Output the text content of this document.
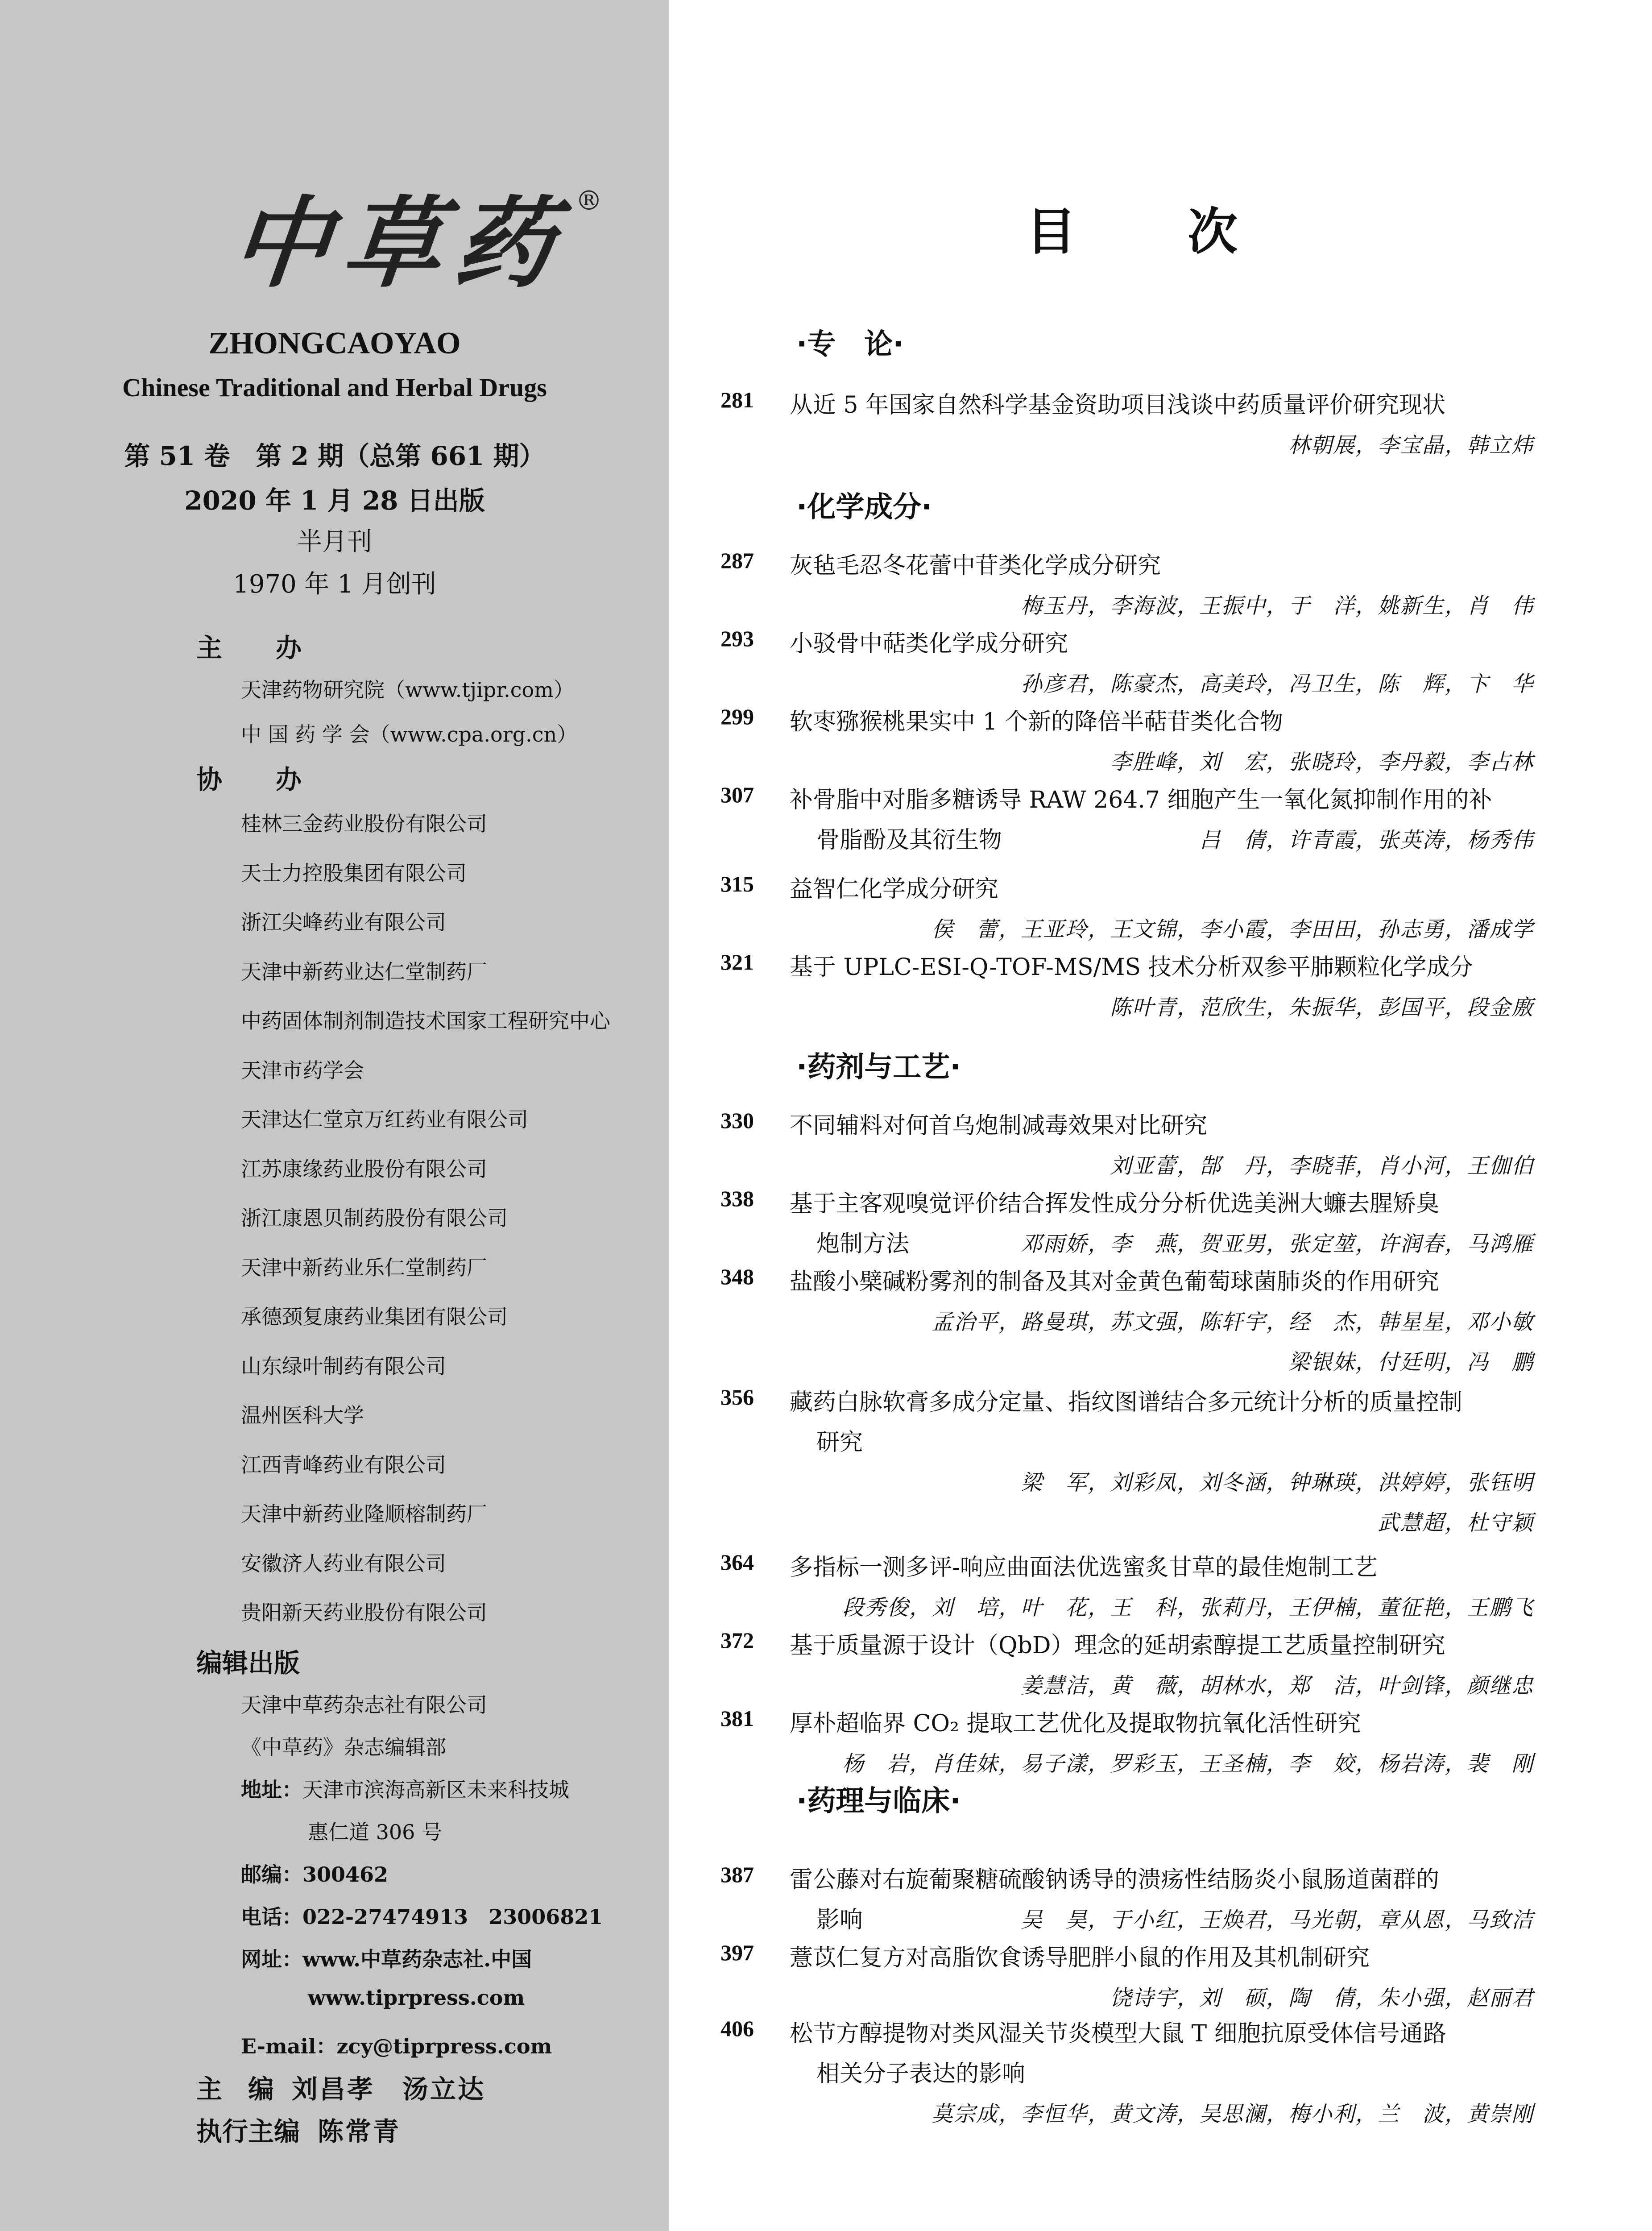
中草药 ®
ZHONGCAOYAO
Chinese Traditional and Herbal Drugs
第 51 卷　第 2 期（总第 661 期）
2020 年 1 月 28 日出版
半月刊
1970 年 1 月创刊
主办
天津药物研究院（www.tjipr.com）
中 国 药 学 会（www.cpa.org.cn）
协办
桂林三金药业股份有限公司
天士力控股集团有限公司
浙江尖峰药业有限公司
天津中新药业达仁堂制药厂
中药固体制剂制造技术国家工程研究中心
天津市药学会
天津达仁堂京万红药业有限公司
江苏康缘药业股份有限公司
浙江康恩贝制药股份有限公司
天津中新药业乐仁堂制药厂
承德颈复康药业集团有限公司
山东绿叶制药有限公司
温州医科大学
江西青峰药业有限公司
天津中新药业隆顺榕制药厂
安徽济人药业有限公司
贵阳新天药业股份有限公司
编辑出版
天津中草药杂志社有限公司
《中草药》杂志编辑部
地址：天津市滨海高新区未来科技城
惠仁道 306 号
邮编：300462
电话：022-27474913　23006821
网址：www.中草药杂志社.中国
www.tiprpress.com
E-mail：zcy@tiprpress.com
主　编 刘昌孝　汤立达
执行主编 陈常青
目次
·专　论·
281 从近 5 年国家自然科学基金资助项目浅谈中药质量评价研究现状
林朝展，李宝晶，韩立炜
·化学成分·
287 灰毡毛忍冬花蕾中苷类化学成分研究
梅玉丹，李海波，王振中，于　洋，姚新生，肖　伟
293 小驳骨中萜类化学成分研究
孙彦君，陈豪杰，高美玲，冯卫生，陈　辉，卞　华
299 软枣猕猴桃果实中 1 个新的降倍半萜苷类化合物
李胜峰，刘　宏，张晓玲，李丹毅，李占林
307 补骨脂中对脂多糖诱导 RAW 264.7 细胞产生一氧化氮抑制作用的补
骨脂酚及其衍生物	吕　倩，许青霞，张英涛，杨秀伟
315 益智仁化学成分研究
侯　蕾，王亚玲，王文锦，李小霞，李田田，孙志勇，潘成学
321 基于 UPLC-ESI-Q-TOF-MS/MS 技术分析双参平肺颗粒化学成分
陈叶青，范欣生，朱振华，彭国平，段金廒
·药剂与工艺·
330 不同辅料对何首乌炮制减毒效果对比研究
刘亚蕾，郜　丹，李晓菲，肖小河，王伽伯
338 基于主客观嗅觉评价结合挥发性成分分析优选美洲大蠊去腥矫臭
炮制方法	邓雨娇，李　燕，贺亚男，张定堃，许润春，马鸿雁
348 盐酸小檗碱粉雾剂的制备及其对金黄色葡萄球菌肺炎的作用研究
孟治平，路曼琪，苏文强，陈轩宇，经　杰，韩星星，邓小敏
梁银妹，付廷明，冯　鹏
356 藏药白脉软膏多成分定量、指纹图谱结合多元统计分析的质量控制
研究
梁　军，刘彩凤，刘冬涵，钟琳瑛，洪婷婷，张钰明
武慧超，杜守颖
364 多指标一测多评-响应曲面法优选蜜炙甘草的最佳炮制工艺
段秀俊，刘　培，叶　花，王　科，张莉丹，王伊楠，董征艳，王鹏飞
372 基于质量源于设计（QbD）理念的延胡索醇提工艺质量控制研究
姜慧洁，黄　薇，胡林水，郑　洁，叶剑锋，颜继忠
381 厚朴超临界 CO₂ 提取工艺优化及提取物抗氧化活性研究
杨　岩，肖佳妹，易子漾，罗彩玉，王圣楠，李　姣，杨岩涛，裴　刚
·药理与临床·
387 雷公藤对右旋葡聚糖硫酸钠诱导的溃疡性结肠炎小鼠肠道菌群的
影响	吴　昊，于小红，王焕君，马光朝，章从恩，马致洁
397 薏苡仁复方对高脂饮食诱导肥胖小鼠的作用及其机制研究
饶诗宇，刘　硕，陶　倩，朱小强，赵丽君
406 松节方醇提物对类风湿关节炎模型大鼠 T 细胞抗原受体信号通路
相关分子表达的影响
莫宗成，李恒华，黄文涛，吴思澜，梅小利，兰　波，黄崇刚
